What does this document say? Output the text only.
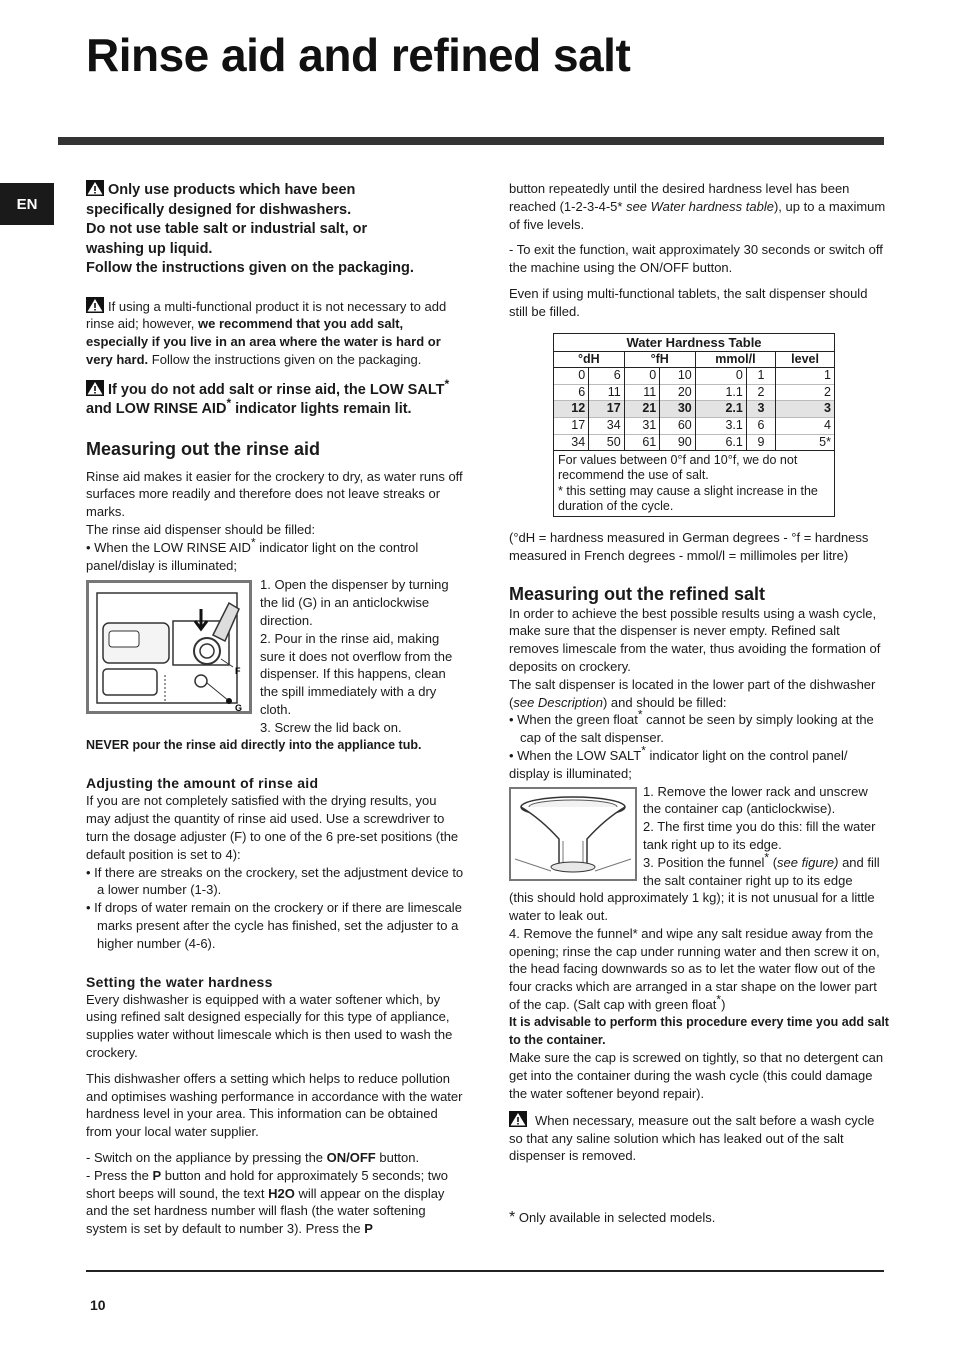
Rinse aid and refined salt
EN
Only use products which have been
specifically designed for dishwashers.
Do not use table salt or industrial salt, or
washing up liquid.
Follow the instructions given on the packaging.

If using a multi-functional product it is not necessary to add rinse aid; however, we recommend that you add salt, especially if you live in an area where the water is hard or very hard. Follow the instructions given on the packaging.

If you do not add salt or rinse aid, the LOW SALT* and LOW RINSE AID* indicator lights remain lit.
Measuring out the rinse aid

Rinse aid makes it easier for the crockery to dry, as water runs off surfaces more readily and therefore does not leave streaks or marks.

The rinse aid dispenser should be filled:

• When the LOW RINSE AID* indicator light on the control panel/dislay is illuminated;

F
G

1. Open the dispenser by turning the lid (G) in an anticlockwise direction.

2. Pour in the rinse aid, making sure it does not overflow from the dispenser. If this happens, clean the spill immediately with a dry cloth.

3. Screw the lid back on.

NEVER pour the rinse aid directly into the appliance tub.

Adjusting the amount of rinse aid

If you are not completely satisfied with the drying results, you may adjust the quantity of rinse aid used. Use a screwdriver to turn the dosage adjuster (F) to one of the 6 pre-set positions (the default position is set to 4):

• If there are streaks on the crockery, set the adjustment device to a lower number (1-3).

• If drops of water remain on the crockery or if there are limescale marks present after the cycle has finished, set the adjuster to a higher number (4-6).

Setting the water hardness

Every dishwasher is equipped with a water softener which, by using refined salt designed especially for this type of appliance, supplies water without limescale which is then used to wash the crockery.

This dishwasher offers a setting which helps to reduce pollution and optimises washing performance in accordance with the water hardness level in your area. This information can be obtained from your local water supplier.

- Switch on the appliance by pressing the ON/OFF button.

- Press the P button and hold for approximately 5 seconds; two short beeps will sound, the text H2O will appear on the display and the set hardness number will flash (the water softening system is set by default to number 3). Press the P

button repeatedly until the desired hardness level has been reached (1-2-3-4-5* see Water hardness table), up to a maximum of five levels.

- To exit the function, wait approximately 30 seconds or switch off the machine using the ON/OFF button.

Even if using multi-functional tablets, the salt dispenser should still be filled.

Water Hardness Table
°dH		°fH		mmol/l		level
0	6	0	10	0	1	1
6	11	11	20	1.1	2	2
12	17	21	30	2.1	3	3
17	34	31	60	3.1	6	4
34	50	61	90	6.1	9	5*
For values between 0°f and 10°f, we do not recommend the use of salt.
* this setting may cause a slight increase in the duration of the cycle.

(°dH = hardness measured in German degrees - °f = hardness measured in French degrees - mmol/l = millimoles per litre)

Measuring out the refined salt

In order to achieve the best possible results using a wash cycle, make sure that the dispenser is never empty. Refined salt removes limescale from the water, thus avoiding the formation of deposits on crockery.

The salt dispenser is located in the lower part of the dishwasher (see Description) and should be filled:

• When the green float* cannot be seen by simply looking at the cap of the salt dispenser.

• When the LOW SALT* indicator light on the control panel/ display is illuminated;

1. Remove the lower rack and unscrew the container cap (anticlockwise).

2. The first time you do this: fill the water tank right up to its edge.

3. Position the funnel* (see figure) and fill the salt container right up to its edge

(this should hold approximately 1 kg); it is not unusual for a little water to leak out.

4. Remove the funnel* and wipe any salt residue away from the opening; rinse the cap under running water and then screw it on, the head facing downwards so as to let the water flow out of the four cracks which are arranged in a star shape on the lower part of the cap. (Salt cap with green float*)

It is advisable to perform this procedure every time you add salt to the container.

Make sure the cap is screwed on tightly, so that no detergent can get into the container during the wash cycle (this could damage the water softener beyond repair).

When necessary, measure out the salt before a wash cycle so that any saline solution which has leaked out of the salt dispenser is removed.

* Only available in selected models.

10
